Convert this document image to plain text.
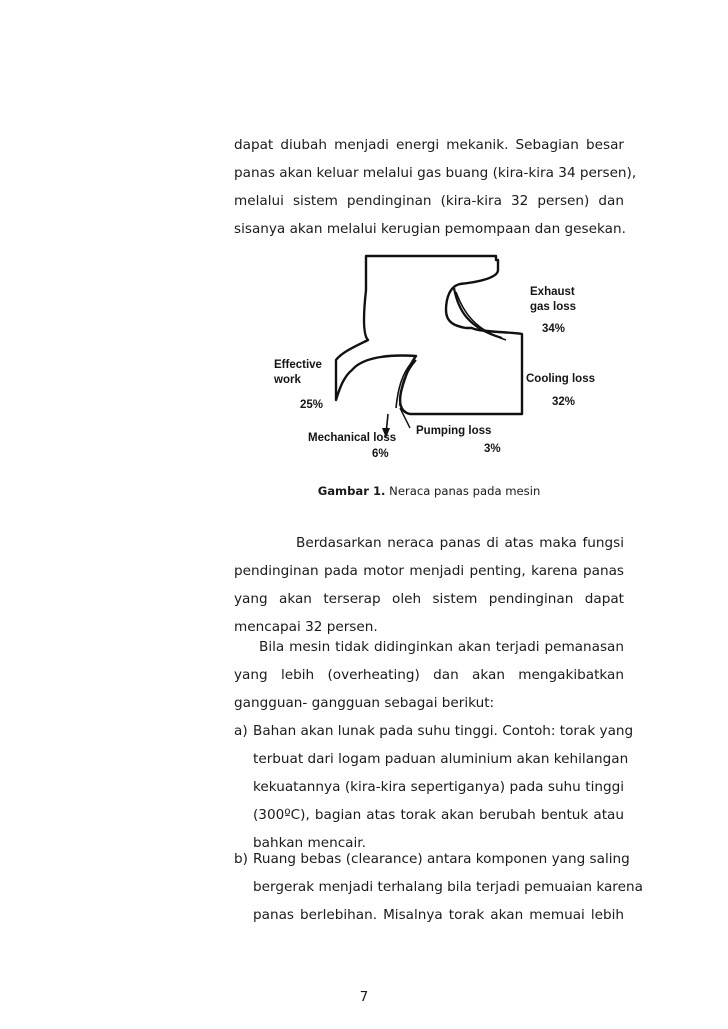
dapat diubah menjadi energi mekanik. Sebagian besar
panas akan keluar melalui gas buang (kira-kira 34 persen),
melalui sistem pendinginan (kira-kira 32 persen) dan
sisanya akan melalui kerugian pemompaan dan gesekan.
Exhaust
gas loss
34%
Effective
work
25%
Cooling loss
32%
Mechanical loss
6%
Pumping loss
3%
Gambar 1. Neraca panas pada mesin
Berdasarkan neraca panas di atas maka fungsi
pendinginan pada motor menjadi penting, karena panas
yang akan terserap oleh sistem pendinginan dapat
mencapai 32 persen.
Bila mesin tidak didinginkan akan terjadi pemanasan
yang lebih (overheating) dan akan mengakibatkan
gangguan- gangguan sebagai berikut:
a) Bahan akan lunak pada suhu tinggi. Contoh: torak yang
terbuat dari logam paduan aluminium akan kehilangan
kekuatannya (kira-kira sepertiganya) pada suhu tinggi
(300ºC), bagian atas torak akan berubah bentuk atau
bahkan mencair.
b) Ruang bebas (clearance) antara komponen yang saling
bergerak menjadi terhalang bila terjadi pemuaian karena
panas berlebihan. Misalnya torak akan memuai lebih
7
